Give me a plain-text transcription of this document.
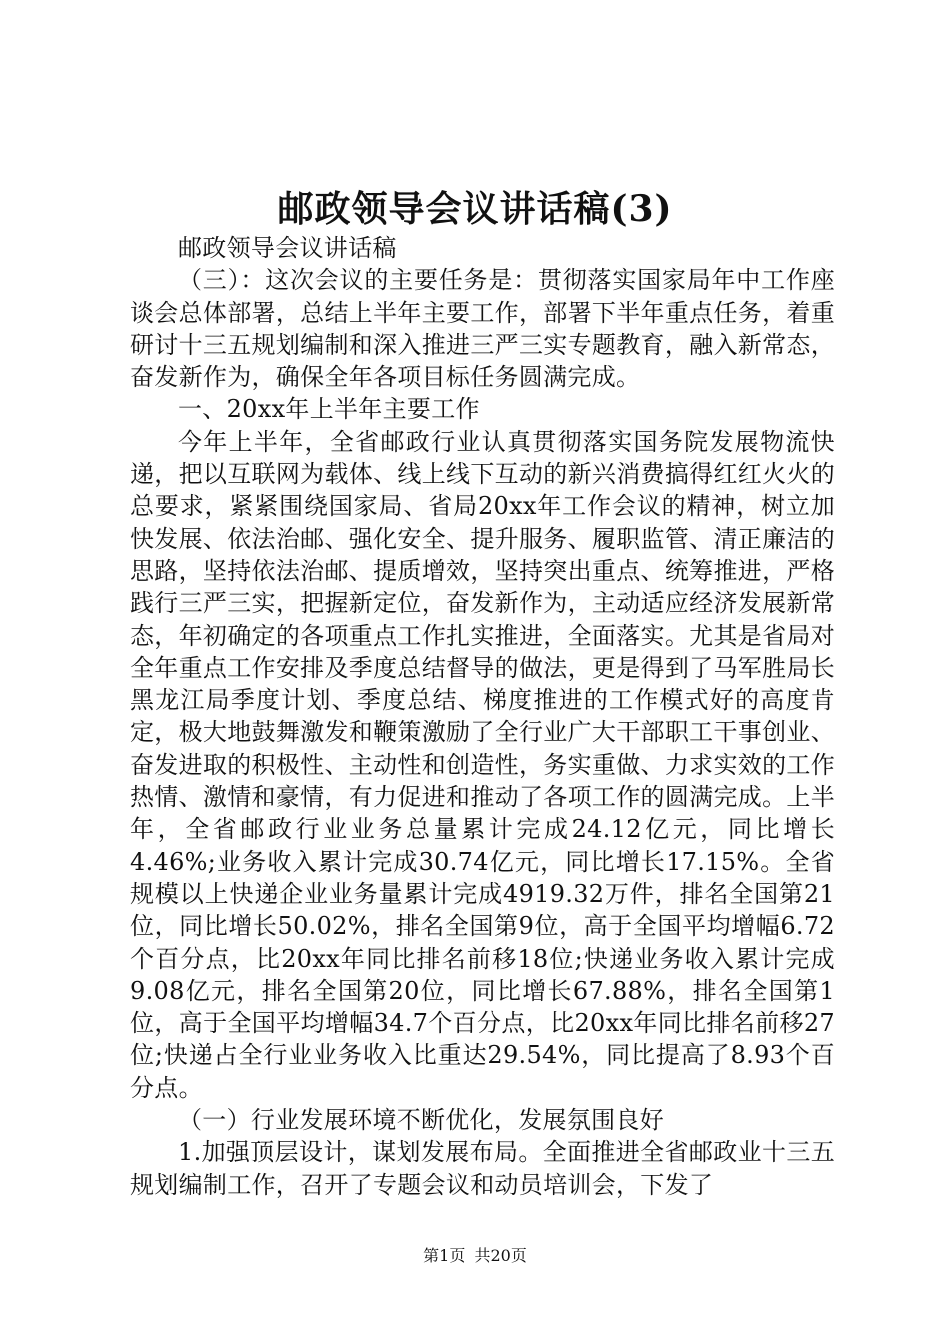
邮政领导会议讲话稿(3)

邮政领导会议讲话稿

（三）：这次会议的主要任务是：贯彻落实国家局年中工作座谈会总体部署，总结上半年主要工作，部署下半年重点任务，着重研讨十三五规划编制和深入推进三严三实专题教育，融入新常态，奋发新作为，确保全年各项目标任务圆满完成。

一、20xx年上半年主要工作

今年上半年，全省邮政行业认真贯彻落实国务院发展物流快递，把以互联网为载体、线上线下互动的新兴消费搞得红红火火的总要求，紧紧围绕国家局、省局20xx年工作会议的精神，树立加快发展、依法治邮、强化安全、提升服务、履职监管、清正廉洁的思路，坚持依法治邮、提质增效，坚持突出重点、统筹推进，严格践行三严三实，把握新定位，奋发新作为，主动适应经济发展新常态，年初确定的各项重点工作扎实推进，全面落实。尤其是省局对全年重点工作安排及季度总结督导的做法，更是得到了马军胜局长黑龙江局季度计划、季度总结、梯度推进的工作模式好的高度肯定，极大地鼓舞激发和鞭策激励了全行业广大干部职工干事创业、奋发进取的积极性、主动性和创造性，务实重做、力求实效的工作热情、激情和豪情，有力促进和推动了各项工作的圆满完成。上半年，全省邮政行业业务总量累计完成24.12亿元，同比增长4.46%;业务收入累计完成30.74亿元，同比增长17.15%。全省规模以上快递企业业务量累计完成4919.32万件，排名全国第21位，同比增长50.02%，排名全国第9位，高于全国平均增幅6.72个百分点，比20xx年同比排名前移18位;快递业务收入累计完成9.08亿元，排名全国第20位，同比增长67.88%，排名全国第1位，高于全国平均增幅34.7个百分点，比20xx年同比排名前移27位;快递占全行业业务收入比重达29.54%，同比提高了8.93个百分点。

（一）行业发展环境不断优化，发展氛围良好

1.加强顶层设计，谋划发展布局。全面推进全省邮政业十三五规划编制工作，召开了专题会议和动员培训会，下发了

第1页 共20页
